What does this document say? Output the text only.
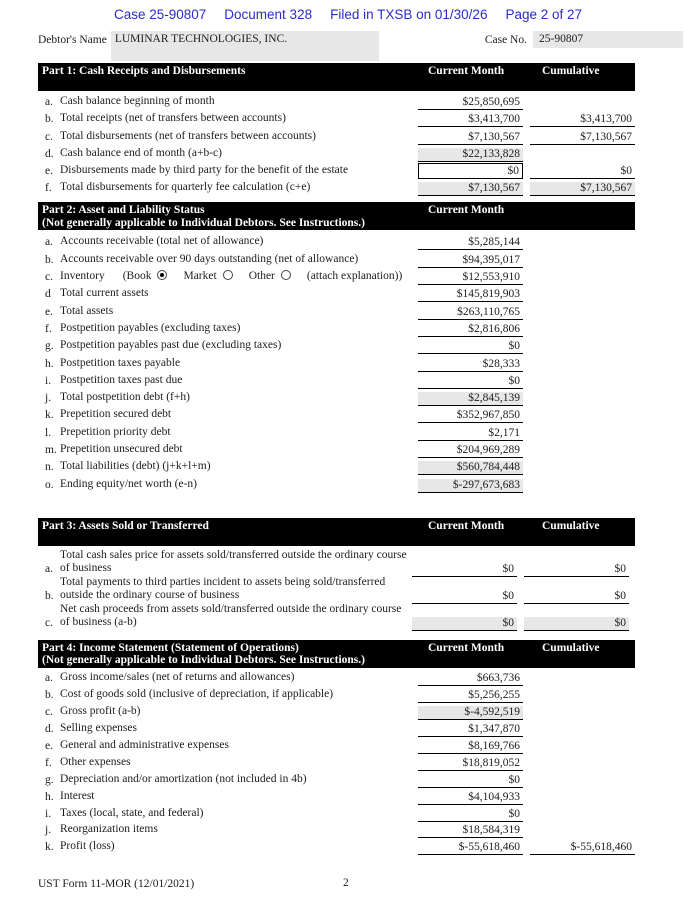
Case 25-90807 Document 328 Filed in TXSB on 01/30/26 Page 2 of 27
Debtor's Name LUMINAR TECHNOLOGIES, INC.	Case No.	25-90807
Part 1: Cash Receipts and Disbursements	Current Month	Cumulative
a. Cash balance beginning of month	$25,850,695
b. Total receipts (net of transfers between accounts)	$3,413,700	$3,413,700
c. Total disbursements (net of transfers between accounts)	$7,130,567	$7,130,567
d. Cash balance end of month (a+b-c)	$22,133,828
e. Disbursements made by third party for the benefit of the estate	$0	$0
f. Total disbursements for quarterly fee calculation (c+e)	$7,130,567	$7,130,567
Part 2: Asset and Liability Status
(Not generally applicable to Individual Debtors. See Instructions.)
Current Month
a. Accounts receivable (total net of allowance)	$5,285,144
b. Accounts receivable over 90 days outstanding (net of allowance)	$94,395,017
c. Inventory (Book	Market	Other	(attach explanation))	$12,553,910
d Total current assets	$145,819,903
e. Total assets	$263,110,765
f. Postpetition payables (excluding taxes)	$2,816,806
g. Postpetition payables past due (excluding taxes)	$0
h. Postpetition taxes payable	$28,333
i. Postpetition taxes past due	$0
j. Total postpetition debt (f+h)	$2,845,139
k. Prepetition secured debt	$352,967,850
l. Prepetition priority debt	$2,171
m. Prepetition unsecured debt	$204,969,289
n. Total liabilities (debt) (j+k+l+m)	$560,784,448
o. Ending equity/net worth (e-n)	$-297,673,683
Part 3: Assets Sold or Transferred	Current Month	Cumulative
a.
Total cash sales price for assets sold/transferred outside the ordinary course of business	$0	$0
b.
Total payments to third parties incident to assets being sold/transferred outside the ordinary course of business	$0	$0
c.
Net cash proceeds from assets sold/transferred outside the ordinary course of business (a-b)	$0	$0
Part 4: Income Statement (Statement of Operations)
(Not generally applicable to Individual Debtors. See Instructions.)
Current Month	Cumulative
a. Gross income/sales (net of returns and allowances)	$663,736
b. Cost of goods sold (inclusive of depreciation, if applicable)	$5,256,255
c. Gross profit (a-b)	$-4,592,519
d. Selling expenses	$1,347,870
e. General and administrative expenses	$8,169,766
f. Other expenses	$18,819,052
g. Depreciation and/or amortization (not included in 4b)	$0
h. Interest	$4,104,933
i. Taxes (local, state, and federal)	$0
j. Reorganization items	$18,584,319
k. Profit (loss)	$-55,618,460	$-55,618,460
UST Form 11-MOR (12/01/2021)	2
